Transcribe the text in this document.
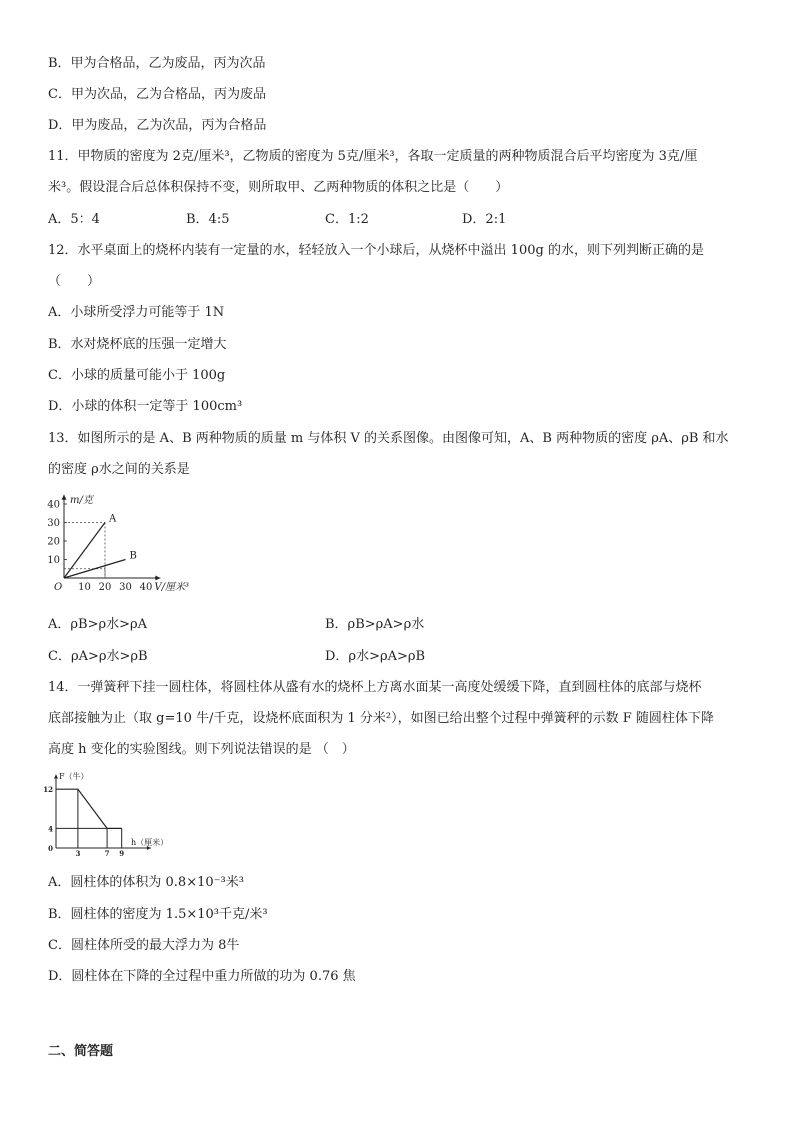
B．甲为合格品，乙为废品，丙为次品
C．甲为次品，乙为合格品，丙为废品
D．甲为废品，乙为次品，丙为合格品
11．甲物质的密度为 2克/厘米³，乙物质的密度为 5克/厘米³，各取一定质量的两种物质混合后平均密度为 3克/厘
米³。假设混合后总体积保持不变，则所取甲、乙两种物质的体积之比是（　　）
A．5：4	B．4:5	C．1:2	D．2:1
12．水平桌面上的烧杯内装有一定量的水，轻轻放入一个小球后，从烧杯中溢出 100g 的水，则下列判断正确的是
（　　）
A．小球所受浮力可能等于 1N
B．水对烧杯底的压强一定增大
C．小球的质量可能小于 100g
D．小球的体积一定等于 100cm³
13．如图所示的是 A、B 两种物质的质量 m 与体积 V 的关系图像。由图像可知，A、B 两种物质的密度 ρA、ρB 和水
的密度 ρ水之间的关系是
10 20 30 40
10
20
30
40
A
B
m/克
V/厘米³
O
A．ρB>ρ水>ρA	B．ρB>ρA>ρ水
C．ρA>ρ水>ρB	D．ρ水>ρA>ρB
14．一弹簧秤下挂一圆柱体，将圆柱体从盛有水的烧杯上方离水面某一高度处缓缓下降，直到圆柱体的底部与烧杯
底部接触为止（取 g=10 牛/千克，设烧杯底面积为 1 分米²），如图已给出整个过程中弹簧秤的示数 F 随圆柱体下降
高度 h 变化的实验图线。则下列说法错误的是 （　）
3	7 9
0
4
12
F（牛）
h（厘米）
A．圆柱体的体积为 0.8×10⁻³米³
B．圆柱体的密度为 1.5×10³千克/米³
C．圆柱体所受的最大浮力为 8牛
D．圆柱体在下降的全过程中重力所做的功为 0.76 焦
二、简答题
